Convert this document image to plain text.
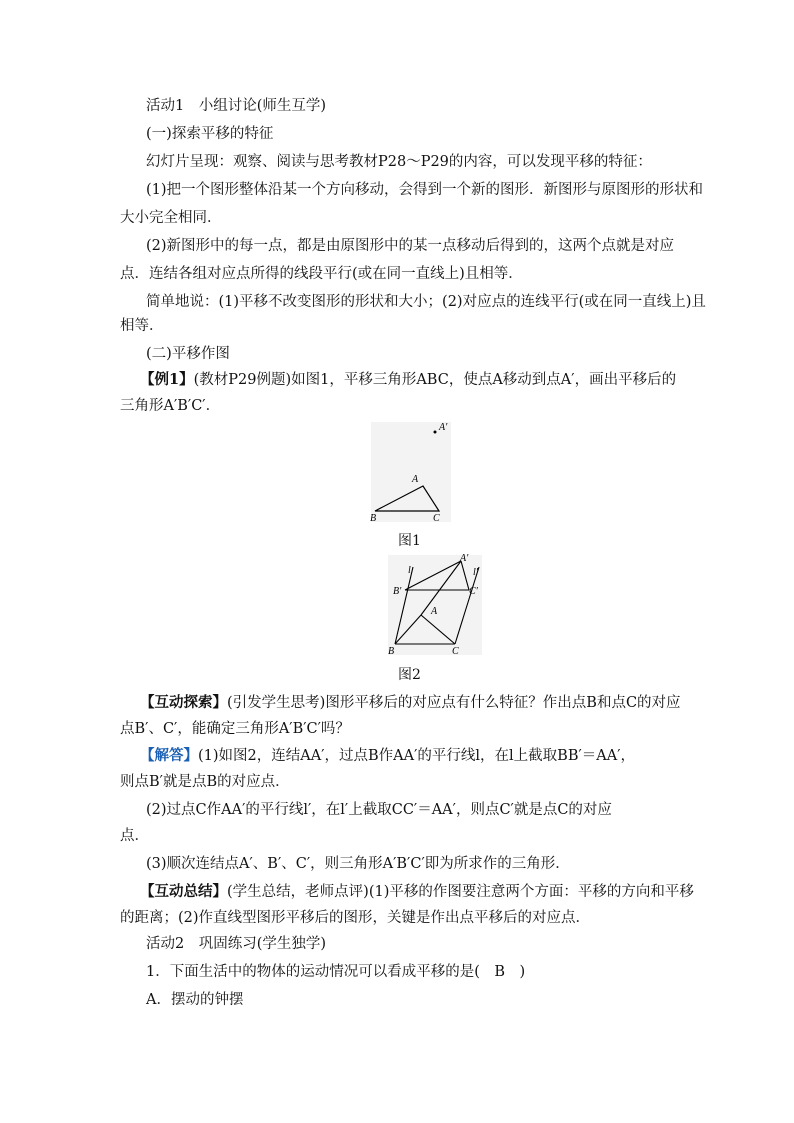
活动1　小组讨论(师生互学)
(一)探索平移的特征
幻灯片呈现：观察、阅读与思考教材P28～P29的内容，可以发现平移的特征：
(1)把一个图形整体沿某一个方向移动，会得到一个新的图形．新图形与原图形的形状和
大小完全相同．
(2)新图形中的每一点，都是由原图形中的某一点移动后得到的，这两个点就是对应
点．连结各组对应点所得的线段平行(或在同一直线上)且相等．
简单地说：(1)平移不改变图形的形状和大小；(2)对应点的连线平行(或在同一直线上)且
相等．
(二)平移作图
【例1】(教材P29例题)如图1，平移三角形ABC，使点A移动到点A′，画出平移后的
三角形A′B′C′．
A′
A
B	C
图1
l
A′
l′
B′	C′
A
B	C
图2
【互动探索】(引发学生思考)图形平移后的对应点有什么特征？作出点B和点C的对应
点B′、C′，能确定三角形A′B′C′吗？
【解答】(1)如图2，连结AA′，过点B作AA′的平行线l，在l上截取BB′＝AA′，
则点B′就是点B的对应点．
(2)过点C作AA′的平行线l′，在l′上截取CC′＝AA′，则点C′就是点C的对应
点．
(3)顺次连结点A′、B′、C′，则三角形A′B′C′即为所求作的三角形．
【互动总结】(学生总结，老师点评)(1)平移的作图要注意两个方面：平移的方向和平移
的距离；(2)作直线型图形平移后的图形，关键是作出点平移后的对应点．
活动2　巩固练习(学生独学)
1．下面生活中的物体的运动情况可以看成平移的是(　B　)
A．摆动的钟摆
